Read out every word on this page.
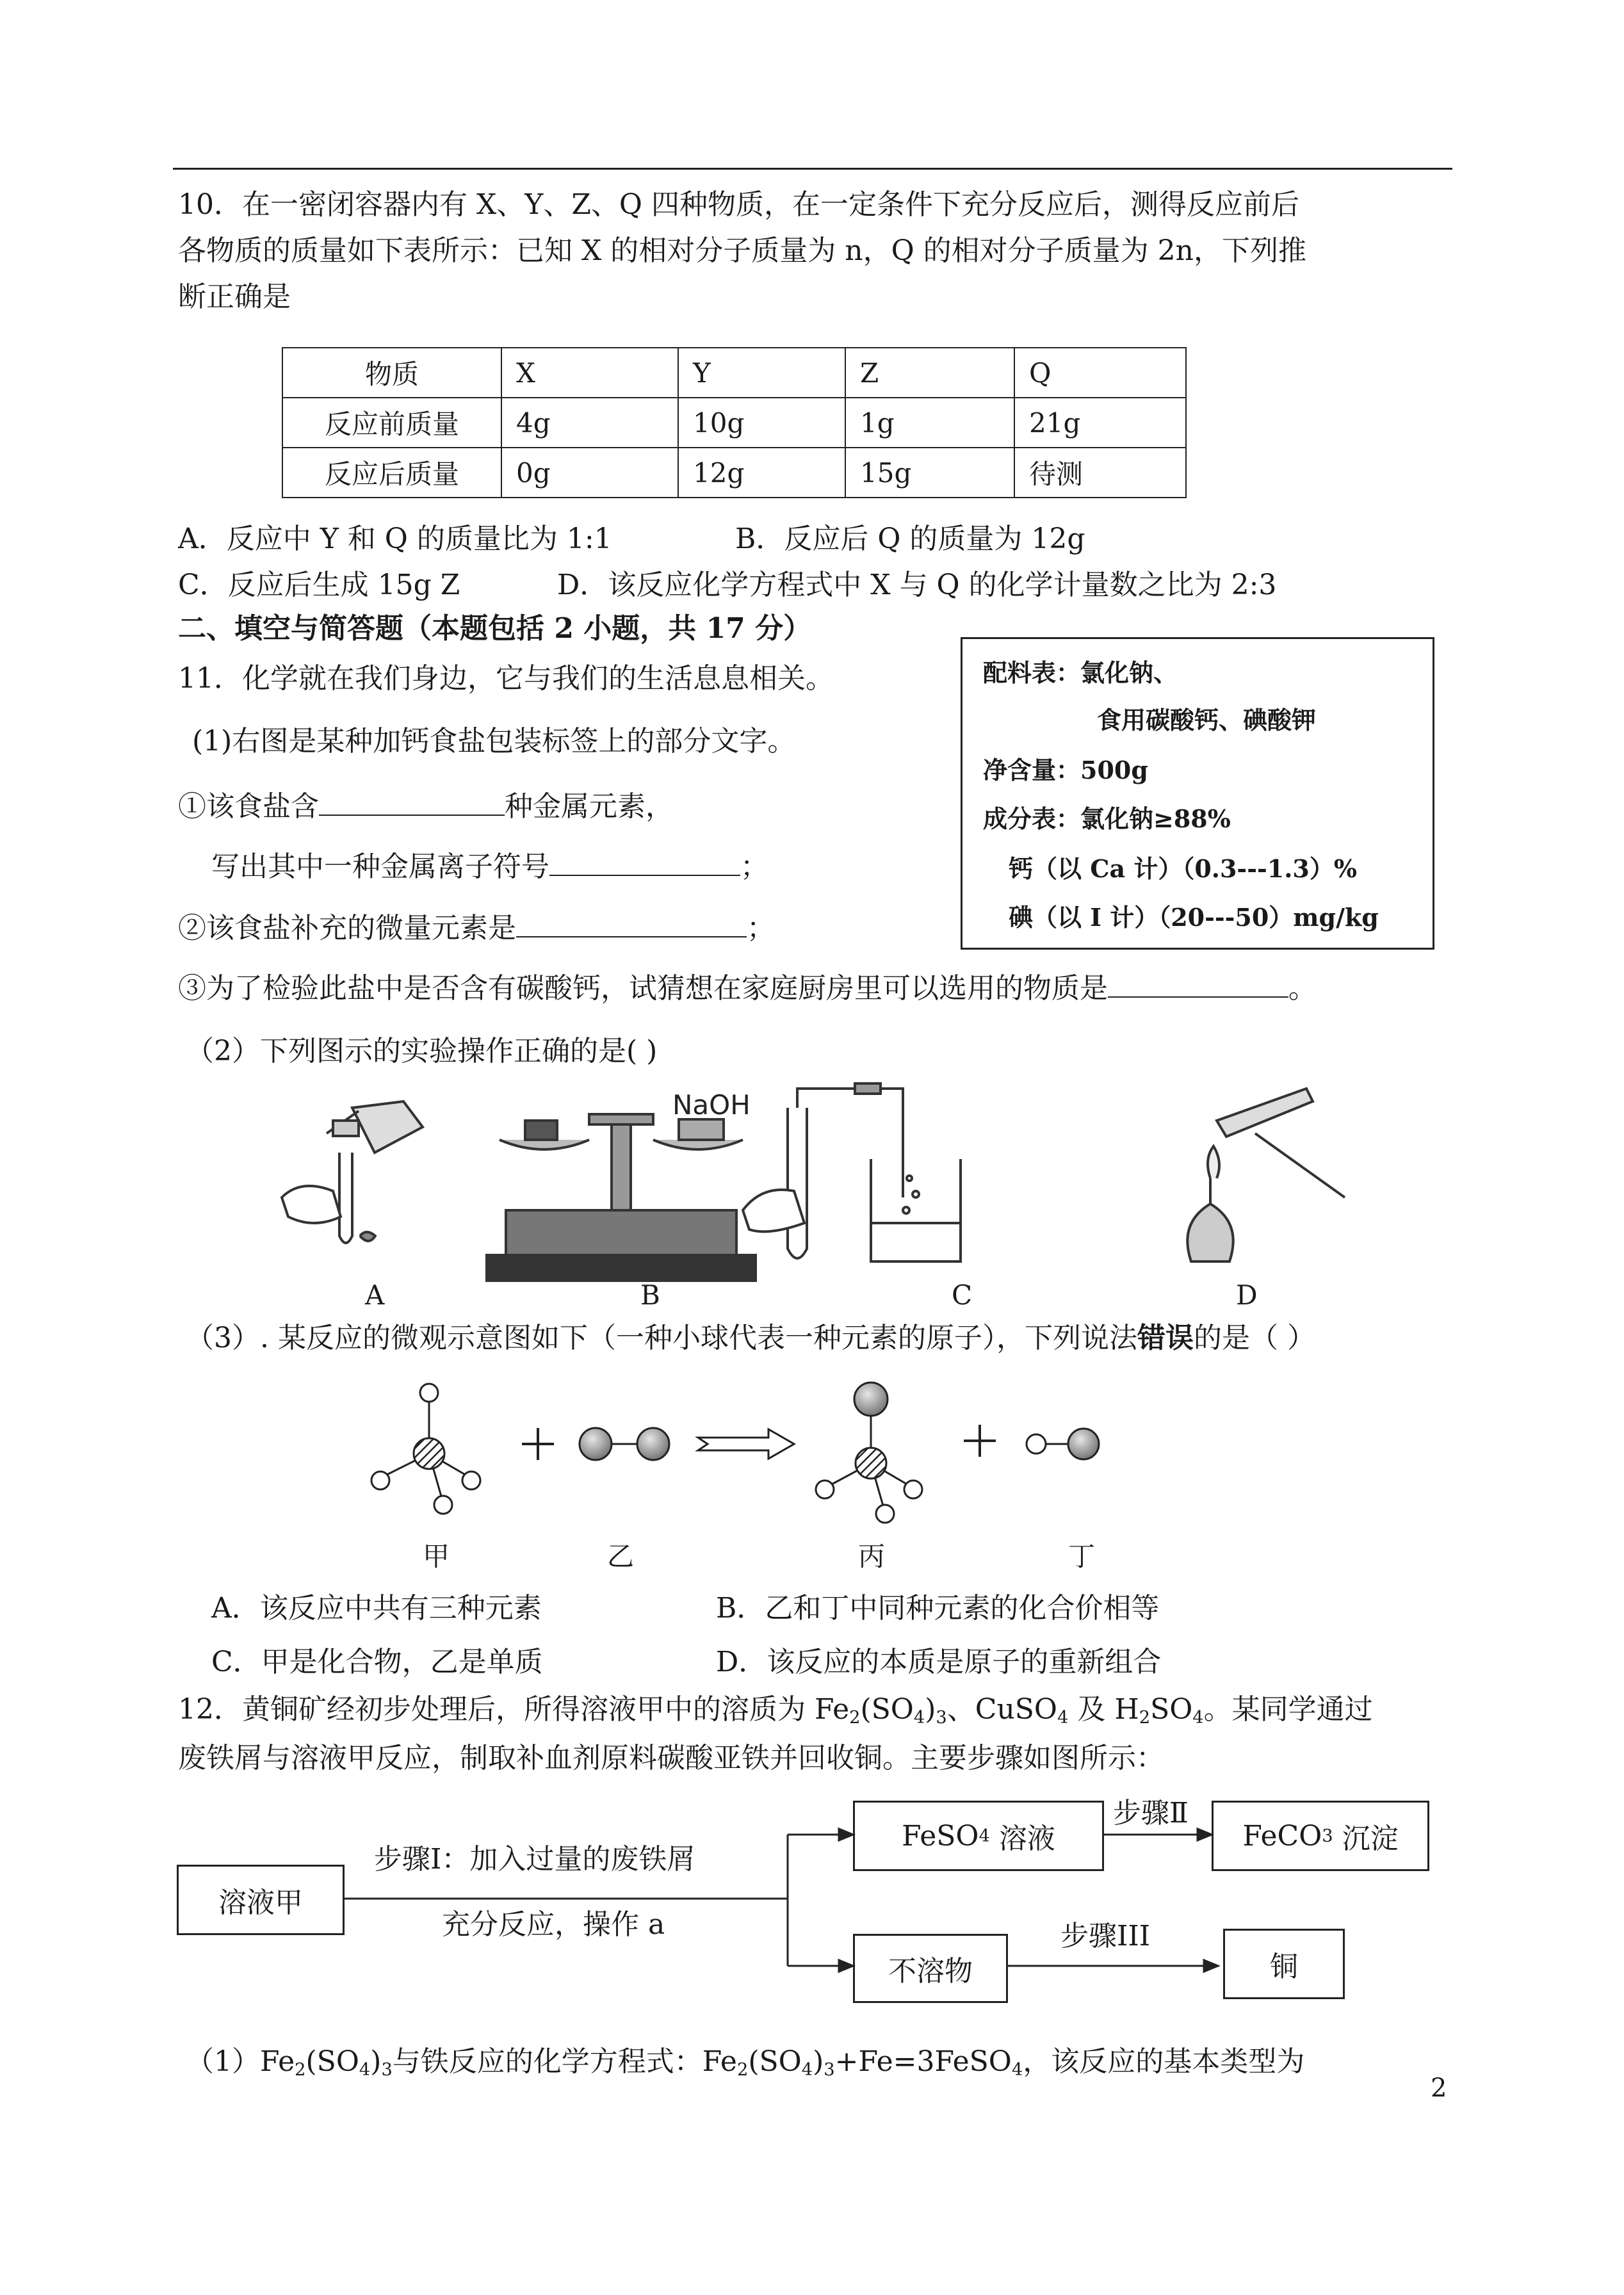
10．在一密闭容器内有 X、Y、Z、Q 四种物质，在一定条件下充分反应后，测得反应前后
各物质的质量如下表所示：已知 X 的相对分子质量为 n，Q 的相对分子质量为 2n，下列推
断正确是
物质	X	Y	Z	Q
反应前质量	4g	10g	1g	21g
反应后质量	0g	12g	15g	待测
A．反应中 Y 和 Q 的质量比为 1:1	B．反应后 Q 的质量为 12g
C．反应后生成 15g Z	D．该反应化学方程式中 X 与 Q 的化学计量数之比为 2:3
二、填空与简答题（本题包括 2 小题，共 17 分）
11．化学就在我们身边，它与我们的生活息息相关。
(1)右图是某种加钙食盐包装标签上的部分文字。
①该食盐含	种金属元素，
写出其中一种金属离子符号	；
②该食盐补充的微量元素是	；
③为了检验此盐中是否含有碳酸钙，试猜想在家庭厨房里可以选用的物质是	。
配料表：氯化钠、
食用碳酸钙、碘酸钾
净含量：500g
成分表：氯化钠≥88%
钙（以 Ca 计）（0.3---1.3）%
碘（以 I 计）（20---50）mg/kg
（2）下列图示的实验操作正确的是( )
NaOH
A	B	C	D
（3）. 某反应的微观示意图如下（一种小球代表一种元素的原子），下列说法错误的是（ ）
甲	乙	丙	丁
A．该反应中共有三种元素	B．乙和丁中同种元素的化合价相等
C．甲是化合物，乙是单质	D．该反应的本质是原子的重新组合
12．黄铜矿经初步处理后，所得溶液甲中的溶质为 $Fe_2(SO_4)_3$、CuSO$_4$ 及 $H_2SO_4$。某同学通过
废铁屑与溶液甲反应，制取补血剂原料碳酸亚铁并回收铜。主要步骤如图所示：
溶液甲
步骤Ⅰ：加入过量的废铁屑
充分反应，操作 a
FeSO 4
溶液
步骤Ⅱ
FeCO 3
沉淀
不溶物
步骤III
铜
$(1)Fe_2(SO_4)_3$与铁反应的化学方程式：$Fe_2(SO_4)_3+Fe=3FeSO_4$，该反应的基本类型为
2
